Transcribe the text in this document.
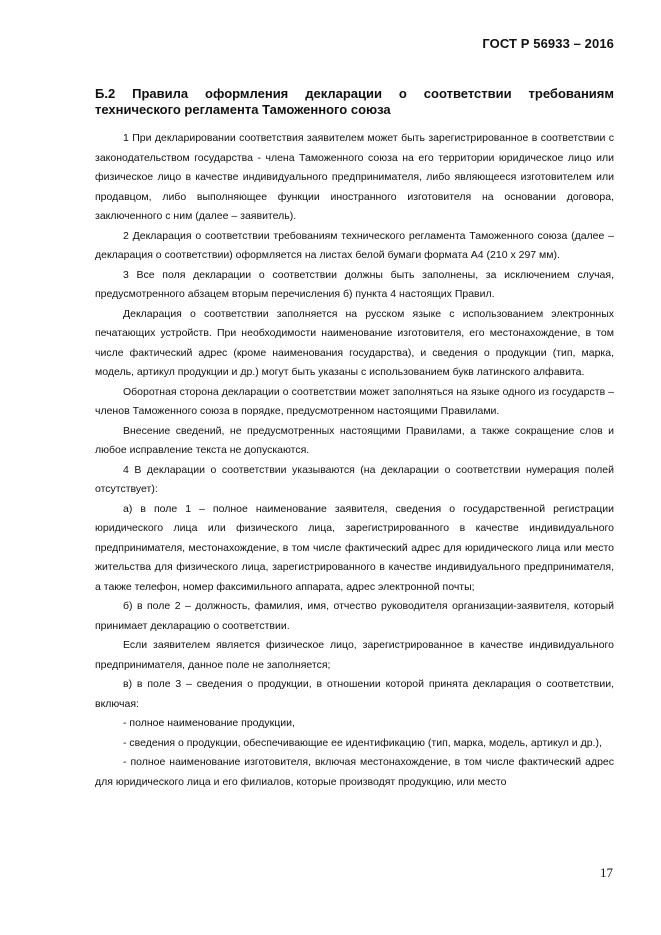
ГОСТ Р 56933 – 2016
Б.2 Правила оформления декларации о соответствии требованиям технического регламента Таможенного союза

1 При декларировании соответствия заявителем может быть зарегистрированное в соответствии с законодательством государства - члена Таможенного союза на его территории юридическое лицо или физическое лицо в качестве индивидуального предпринимателя, либо являющееся изготовителем или продавцом, либо выполняющее функции иностранного изготовителя на основании договора, заключенного с ним (далее – заявитель).

2 Декларация о соответствии требованиям технического регламента Таможенного союза (далее – декларация о соответствии) оформляется на листах белой бумаги формата А4 (210 x 297 мм).

3 Все поля декларации о соответствии должны быть заполнены, за исключением случая, предусмотренного абзацем вторым перечисления б) пункта 4 настоящих Правил.

Декларация о соответствии заполняется на русском языке с использованием электронных печатающих устройств. При необходимости наименование изготовителя, его местонахождение, в том числе фактический адрес (кроме наименования государства), и сведения о продукции (тип, марка, модель, артикул продукции и др.) могут быть указаны с использованием букв латинского алфавита.

Оборотная сторона декларации о соответствии может заполняться на языке одного из государств – членов Таможенного союза в порядке, предусмотренном настоящими Правилами.

Внесение сведений, не предусмотренных настоящими Правилами, а также сокращение слов и любое исправление текста не допускаются.

4 В декларации о соответствии указываются (на декларации о соответствии нумерация полей отсутствует):

а) в поле 1 – полное наименование заявителя, сведения о государственной регистрации юридического лица или физического лица, зарегистрированного в качестве индивидуального предпринимателя, местонахождение, в том числе фактический адрес для юридического лица или место жительства для физического лица, зарегистрированного в качестве индивидуального предпринимателя, а также телефон, номер факсимильного аппарата, адрес электронной почты;

б) в поле 2 – должность, фамилия, имя, отчество руководителя организации-заявителя, который принимает декларацию о соответствии.

Если заявителем является физическое лицо, зарегистрированное в качестве индивидуального предпринимателя, данное поле не заполняется;

в) в поле 3 – сведения о продукции, в отношении которой принята декларация о соответствии, включая:

- полное наименование продукции,

- сведения о продукции, обеспечивающие ее идентификацию (тип, марка, модель, артикул и др.),

- полное наименование изготовителя, включая местонахождение, в том числе фактический адрес для юридического лица и его филиалов, которые производят продукцию, или место

17
